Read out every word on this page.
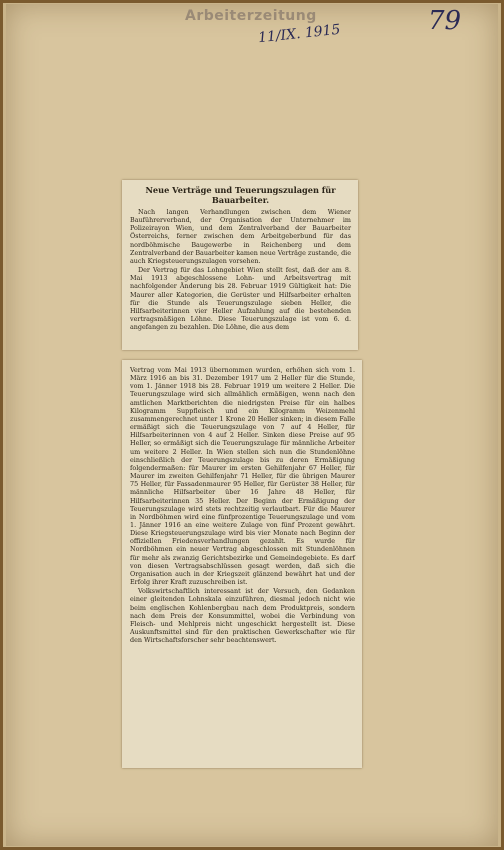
Arbeiterzeitung
11/IX. 1915	79
Neue Verträge und Teuerungszulagen für Bauarbeiter.

Nach langen Verhandlungen zwischen dem Wiener Bauführerverband, der Organisation der Unternehmer im Polizeirayon Wien, und dem Zentralverband der Bauarbeiter Österreichs, ferner zwischen dem Arbeitgeberbund für das nordböhmische Baugewerbe in Reichenberg und dem Zentralverband der Bauarbeiter kamen neue Verträge zustande, die auch Kriegsteuerungszulagen vorsehen.

Der Vertrag für das Lohngebiet Wien stellt fest, daß der am 8. Mai 1913 abgeschlossene Lohn- und Arbeitsvertrag mit nachfolgender Änderung bis 28. Februar 1919 Gültigkeit hat: Die Maurer aller Kategorien, die Gerüster und Hilfsarbeiter erhalten für die Stunde als Teuerungszulage sieben Heller, die Hilfsarbeiterinnen vier Heller Aufzahlung auf die bestehenden vertragsmäßigen Löhne. Diese Teuerungszulage ist vom 6. d. angefangen zu bezahlen. Die Löhne, die aus dem

Vertrag vom Mai 1913 übernommen wurden, erhöhen sich vom 1. März 1916 an bis 31. Dezember 1917 um 2 Heller für die Stunde, vom 1. Jänner 1918 bis 28. Februar 1919 um weitere 2 Heller. Die Teuerungszulage wird sich allmählich ermäßigen, wenn nach den amtlichen Marktberichten die niedrigsten Preise für ein halbes Kilogramm Suppfleisch und ein Kilogramm Weizenmehl zusammengerechnet unter 1 Krone 20 Heller sinken; in diesem Falle ermäßigt sich die Teuerungszulage von 7 auf 4 Heller, für Hilfsarbeiterinnen von 4 auf 2 Heller. Sinken diese Preise auf 95 Heller, so ermäßigt sich die Teuerungszulage für männliche Arbeiter um weitere 2 Heller. In Wien stellen sich nun die Stundenlöhne einschließlich der Teuerungszulage bis zu deren Ermäßigung folgendermaßen: für Maurer im ersten Gehilfenjahr 67 Heller, für Maurer im zweiten Gehilfenjahr 71 Heller, für die übrigen Maurer 75 Heller, für Fassadenmaurer 95 Heller, für Gerüster 38 Heller, für männliche Hilfsarbeiter über 16 Jahre 48 Heller, für Hilfsarbeiterinnen 35 Heller. Der Beginn der Ermäßigung der Teuerungszulage wird stets rechtzeitig verlautbart. Für die Maurer in Nordböhmen wird eine fünfprozentige Teuerungszulage und vom 1. Jänner 1916 an eine weitere Zulage von fünf Prozent gewährt. Diese Kriegsteuerungszulage wird bis vier Monate nach Beginn der offiziellen Friedensverhandlungen gezahlt. Es wurde für Nordböhmen ein neuer Vertrag abgeschlossen mit Stundenlöhnen für mehr als zwanzig Gerichtsbezirke und Gemeindegebiete. Es darf von diesen Vertragsabschlüssen gesagt werden, daß sich die Organisation auch in der Kriegszeit glänzend bewährt hat und der Erfolg ihrer Kraft zuzuschreiben ist.

Volkswirtschaftlich interessant ist der Versuch, den Gedanken einer gleitenden Lohnskala einzuführen, diesmal jedoch nicht wie beim englischen Kohlenbergbau nach dem Produktpreis, sondern nach dem Preis der Konsummittel, wobei die Verbindung von Fleisch- und Mehlpreis nicht ungeschickt hergestellt ist. Diese Auskunftsmittel sind für den praktischen Gewerkschafter wie für den Wirtschaftsforscher sehr beachtenswert.
